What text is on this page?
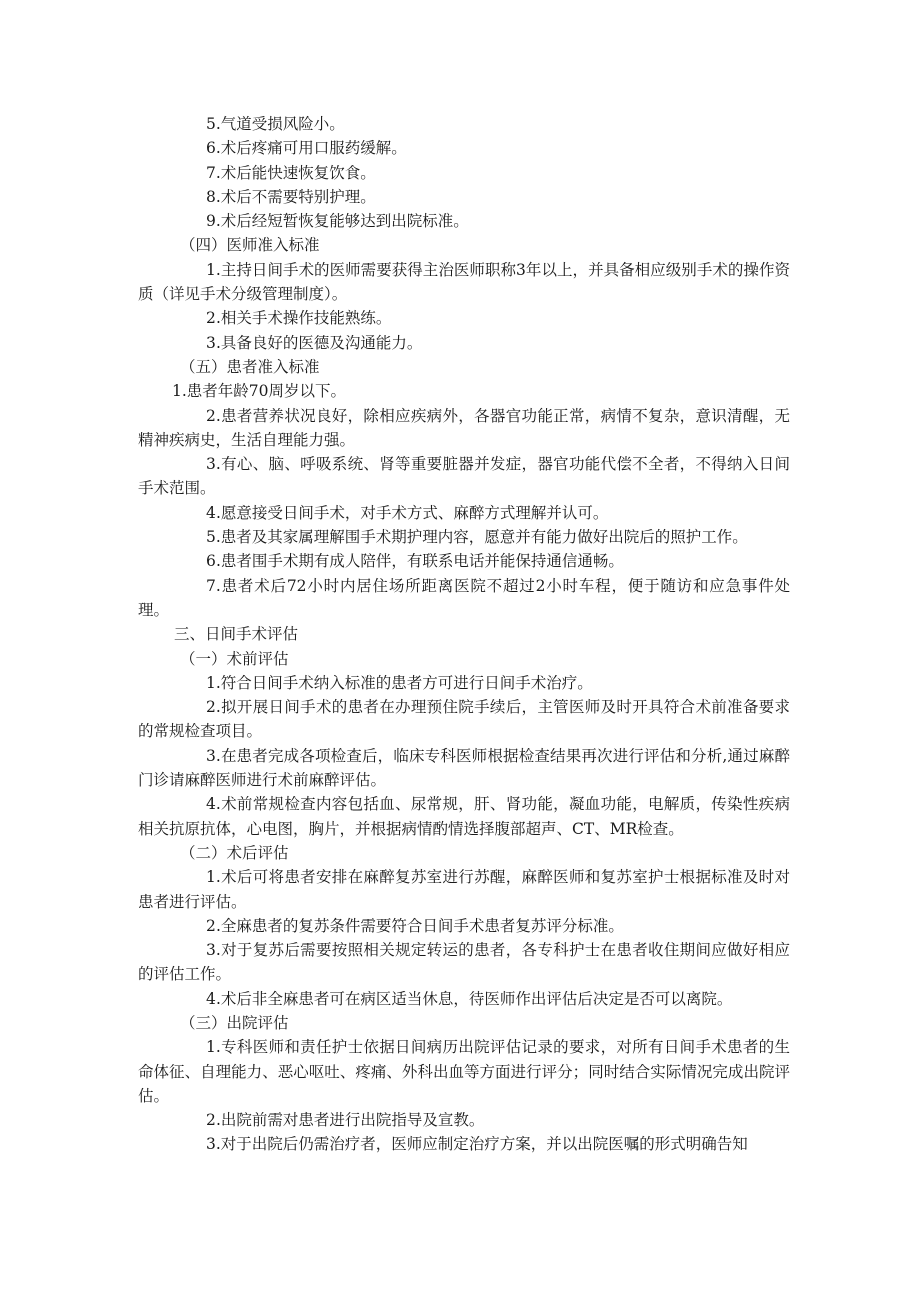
5.气道受损风险小。

6.术后疼痛可用口服药缓解。

7.术后能快速恢复饮食。

8.术后不需要特别护理。

9.术后经短暂恢复能够达到出院标准。

（四）医师准入标准

1.主持日间手术的医师需要获得主治医师职称3年以上，并具备相应级别手术的操作资质（详见手术分级管理制度）。

2.相关手术操作技能熟练。

3.具备良好的医德及沟通能力。

（五）患者准入标准

1.患者年龄70周岁以下。

2.患者营养状况良好，除相应疾病外，各器官功能正常，病情不复杂，意识清醒，无精神疾病史，生活自理能力强。

3.有心、脑、呼吸系统、肾等重要脏器并发症，器官功能代偿不全者，不得纳入日间手术范围。

4.愿意接受日间手术，对手术方式、麻醉方式理解并认可。

5.患者及其家属理解围手术期护理内容，愿意并有能力做好出院后的照护工作。

6.患者围手术期有成人陪伴，有联系电话并能保持通信通畅。

7.患者术后72小时内居住场所距离医院不超过2小时车程，便于随访和应急事件处理。

三、日间手术评估

（一）术前评估

1.符合日间手术纳入标准的患者方可进行日间手术治疗。

2.拟开展日间手术的患者在办理预住院手续后，主管医师及时开具符合术前准备要求的常规检查项目。

3.在患者完成各项检查后，临床专科医师根据检查结果再次进行评估和分析,通过麻醉门诊请麻醉医师进行术前麻醉评估。

4.术前常规检查内容包括血、尿常规，肝、肾功能，凝血功能，电解质，传染性疾病相关抗原抗体，心电图，胸片，并根据病情酌情选择腹部超声、CT、MR检查。

（二）术后评估

1.术后可将患者安排在麻醉复苏室进行苏醒，麻醉医师和复苏室护士根据标准及时对患者进行评估。

2.全麻患者的复苏条件需要符合日间手术患者复苏评分标准。

3.对于复苏后需要按照相关规定转运的患者，各专科护士在患者收住期间应做好相应的评估工作。

4.术后非全麻患者可在病区适当休息，待医师作出评估后决定是否可以离院。

（三）出院评估

1.专科医师和责任护士依据日间病历出院评估记录的要求，对所有日间手术患者的生命体征、自理能力、恶心呕吐、疼痛、外科出血等方面进行评分；同时结合实际情况完成出院评估。

2.出院前需对患者进行出院指导及宣教。

3.对于出院后仍需治疗者，医师应制定治疗方案，并以出院医嘱的形式明确告知
